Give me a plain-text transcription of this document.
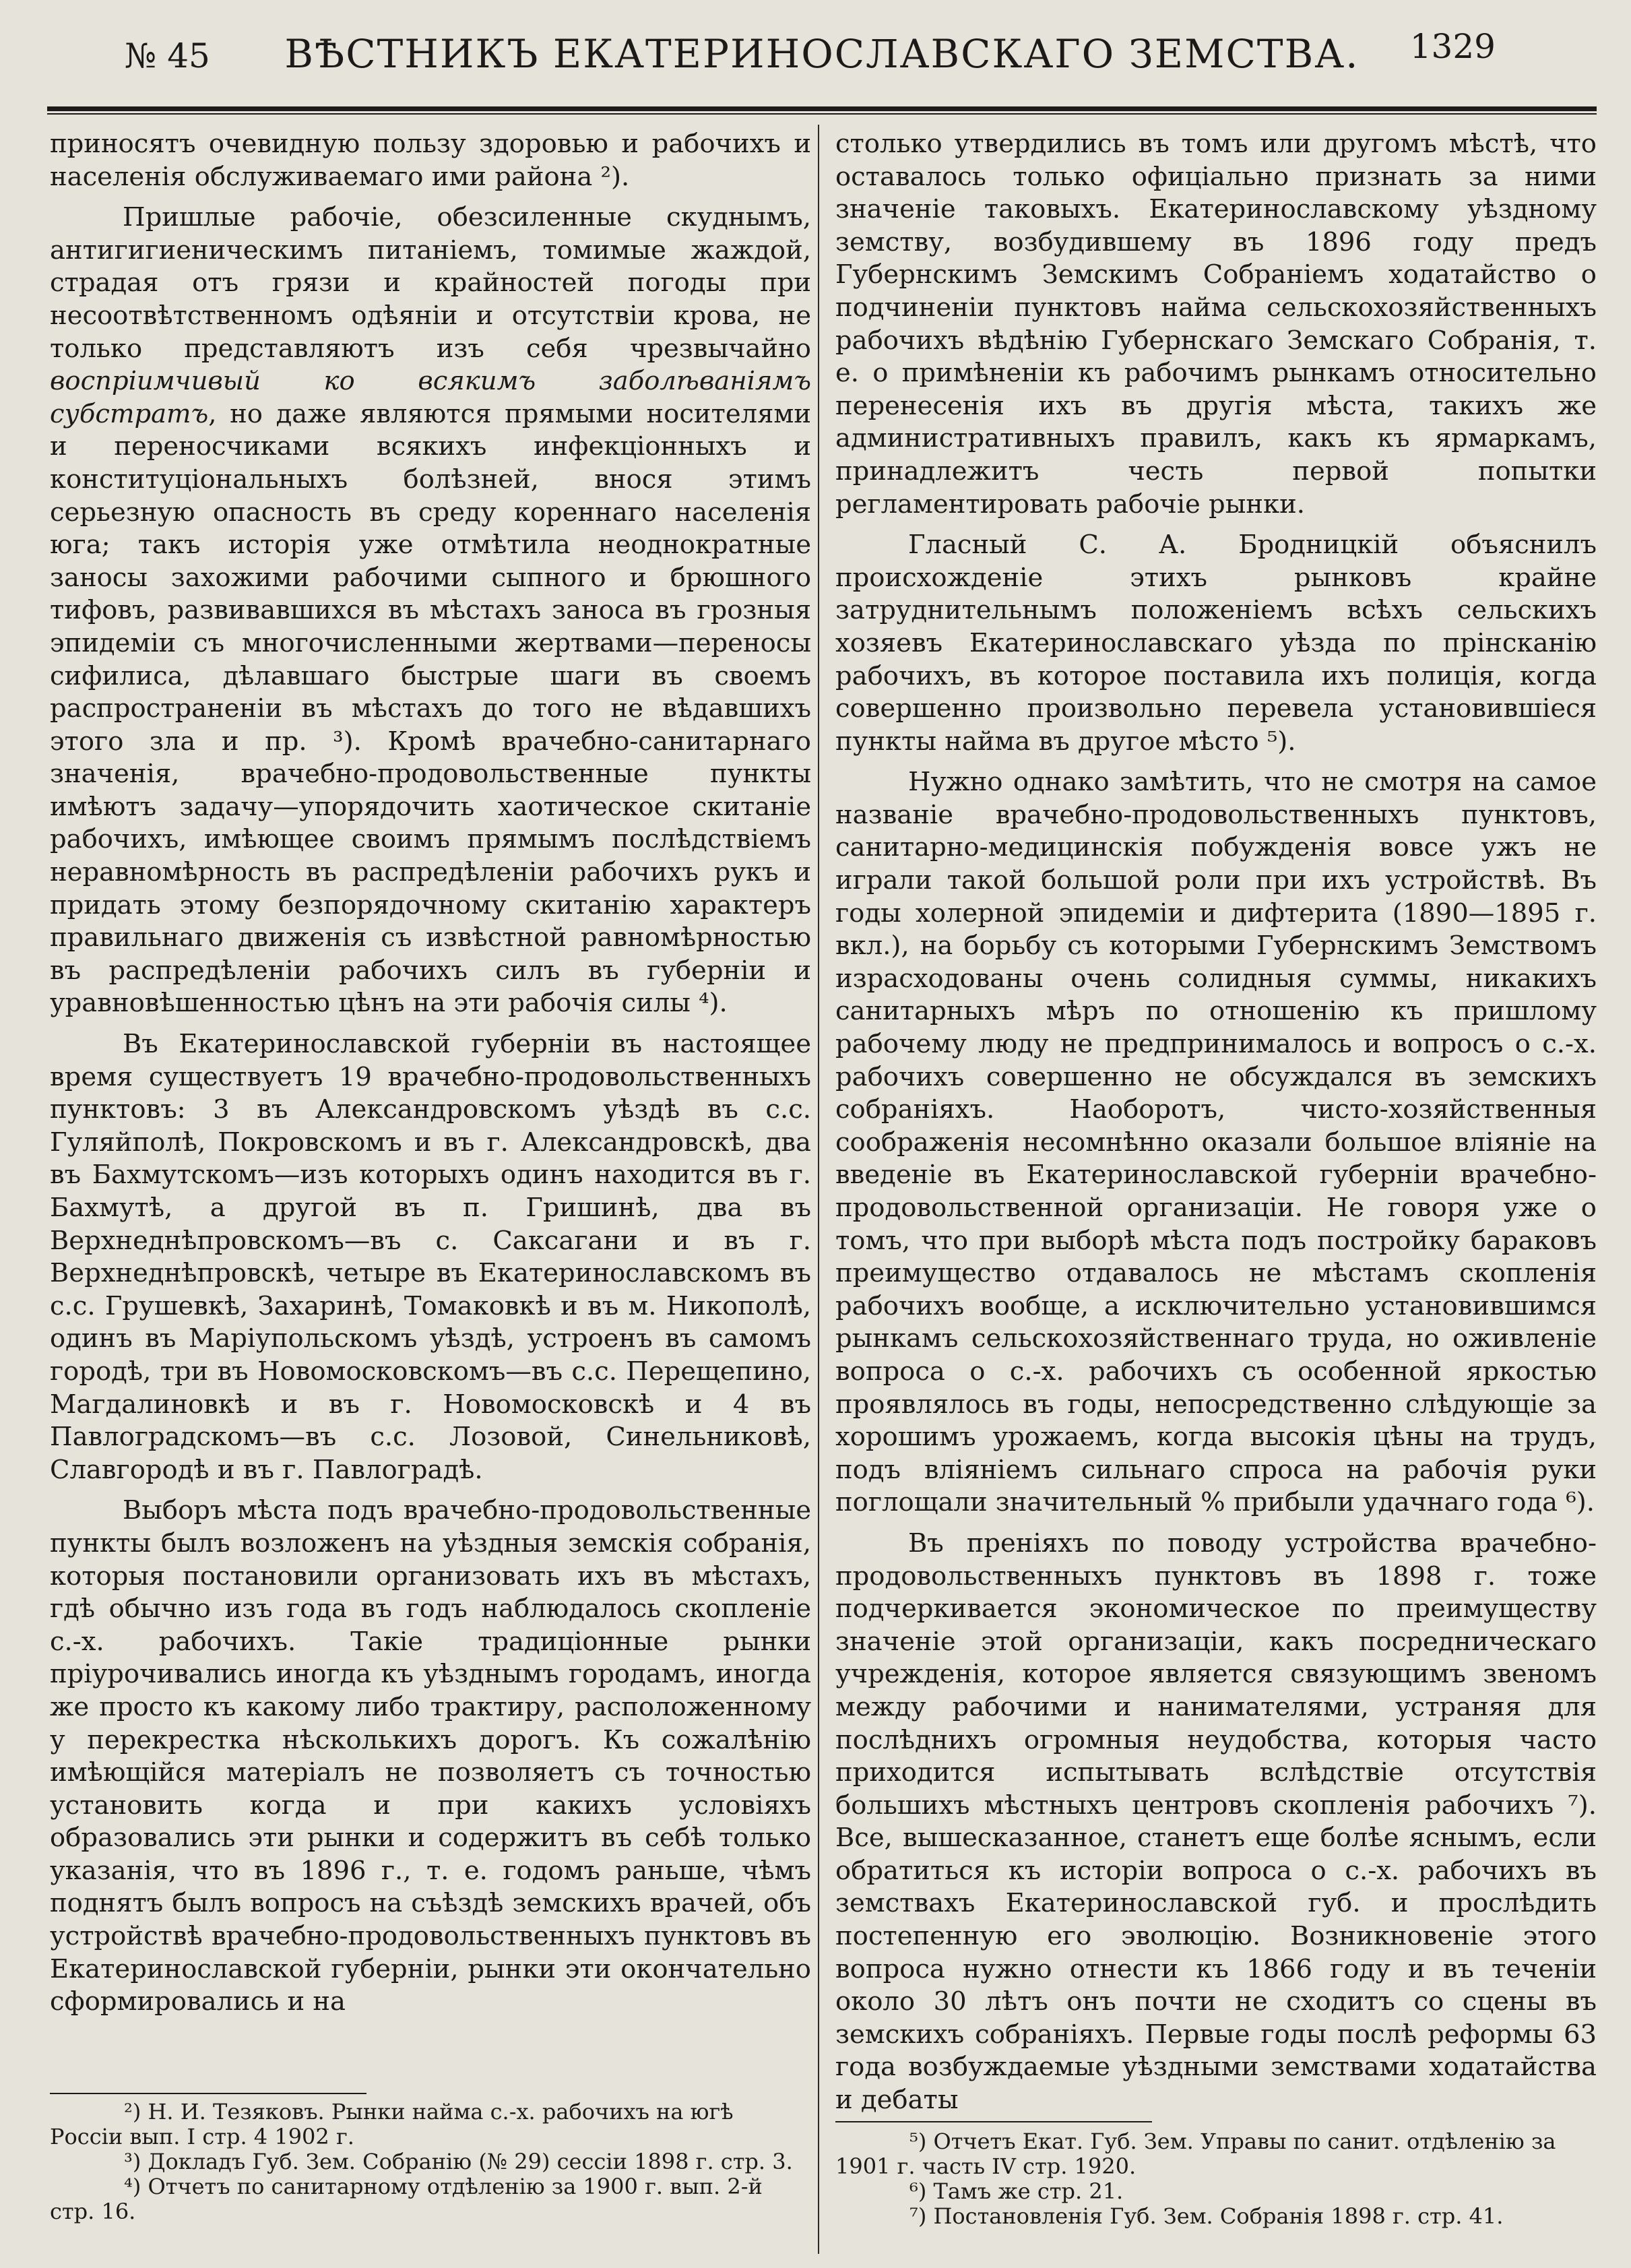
№ 45	ВѢСТНИКЪ ЕКАТЕРИНОСЛАВСКАГО ЗЕМСТВА.	1329

приносятъ очевидную пользу здоровью и рабочихъ и населенія обслуживаемаго ими района ²).

Пришлые рабочіе, обезсиленные скуднымъ, антигигиеническимъ питаніемъ, томимые жаждой, страдая отъ грязи и крайностей погоды при несоотвѣтственномъ одѣяніи и отсутствіи крова, не только представляютъ изъ себя чрезвычайно воспріимчивый ко всякимъ заболѣваніямъ субстратъ, но даже являются прямыми носителями и переносчиками всякихъ инфекціонныхъ и конституціональныхъ болѣзней, внося этимъ серьезную опасность въ среду кореннаго населенія юга; такъ исторія уже отмѣтила неоднократные заносы захожими рабочими сыпного и брюшного тифовъ, развивавшихся въ мѣстахъ заноса въ грозныя эпидеміи съ многочисленными жертвами—переносы сифилиса, дѣлавшаго быстрые шаги въ своемъ распространеніи въ мѣстахъ до того не вѣдавшихъ этого зла и пр. ³). Кромѣ врачебно-санитарнаго значенія, врачебно-продовольственные пункты имѣютъ задачу—упорядочить хаотическое скитаніе рабочихъ, имѣющее своимъ прямымъ послѣдствіемъ неравномѣрность въ распредѣленіи рабочихъ рукъ и придать этому безпорядочному скитанію характеръ правильнаго движенія съ извѣстной равномѣрностью въ распредѣленіи рабочихъ силъ въ губерніи и уравновѣшенностью цѣнъ на эти рабочія силы ⁴).

Въ Екатеринославской губерніи въ настоящее время существуетъ 19 врачебно-продовольственныхъ пунктовъ: 3 въ Александровскомъ уѣздѣ въ с.с. Гуляйполѣ, Покровскомъ и въ г. Александровскѣ, два въ Бахмутскомъ—изъ которыхъ одинъ находится въ г. Бахмутѣ, а другой въ п. Гришинѣ, два въ Верхнеднѣпровскомъ—въ с. Саксагани и въ г. Верхнеднѣпровскѣ, четыре въ Екатеринославскомъ въ с.с. Грушевкѣ, Захаринѣ, Томаковкѣ и въ м. Никополѣ, одинъ въ Маріупольскомъ уѣздѣ, устроенъ въ самомъ городѣ, три въ Новомосковскомъ—въ с.с. Перещепино, Магдалиновкѣ и въ г. Новомосковскѣ и 4 въ Павлоградскомъ—въ с.с. Лозовой, Синельниковѣ, Славгородѣ и въ г. Павлоградѣ.

Выборъ мѣста подъ врачебно-продовольственные пункты былъ возложенъ на уѣздныя земскія собранія, которыя постановили организовать ихъ въ мѣстахъ, гдѣ обычно изъ года въ годъ наблюдалось скопленіе с.-х. рабочихъ. Такіе традиціонные рынки пріурочивались иногда къ уѣзднымъ городамъ, иногда же просто къ какому либо трактиру, расположенному у перекрестка нѣсколькихъ дорогъ. Къ сожалѣнію имѣющійся матеріалъ не позволяетъ съ точностью установить когда и при какихъ условіяхъ образовались эти рынки и содержитъ въ себѣ только указанія, что въ 1896 г., т. е. годомъ раньше, чѣмъ поднятъ былъ вопросъ на съѣздѣ земскихъ врачей, объ устройствѣ врачебно-продовольственныхъ пунктовъ въ Екатеринославской губерніи, рынки эти окончательно сформировались и на

²) Н. И. Тезяковъ. Рынки найма с.-х. рабочихъ на югѣ Россіи вып. I стр. 4 1902 г.

³) Докладъ Губ. Зем. Собранію (№ 29) сессіи 1898 г. стр. 3.

⁴) Отчетъ по санитарному отдѣленію за 1900 г. вып. 2-й стр. 16.

столько утвердились въ томъ или другомъ мѣстѣ, что оставалось только офиціально признать за ними значеніе таковыхъ. Екатеринославскому уѣздному земству, возбудившему въ 1896 году предъ Губернскимъ Земскимъ Собраніемъ ходатайство о подчиненіи пунктовъ найма сельскохозяйственныхъ рабочихъ вѣдѣнію Губернскаго Земскаго Собранія, т. е. о примѣненіи къ рабочимъ рынкамъ относительно перенесенія ихъ въ другія мѣста, такихъ же административныхъ правилъ, какъ къ ярмаркамъ, принадлежитъ честь первой попытки регламентировать рабочіе рынки.

Гласный С. А. Бродницкій объяснилъ происхожденіе этихъ рынковъ крайне затруднительнымъ положеніемъ всѣхъ сельскихъ хозяевъ Екатеринославскаго уѣзда по прінсканію рабочихъ, въ которое поставила ихъ полиція, когда совершенно произвольно перевела установившіеся пункты найма въ другое мѣсто ⁵).

Нужно однако замѣтить, что не смотря на самое названіе врачебно-продовольственныхъ пунктовъ, санитарно-медицинскія побужденія вовсе ужъ не играли такой большой роли при ихъ устройствѣ. Въ годы холерной эпидеміи и дифтерита (1890—1895 г. вкл.), на борьбу съ которыми Губернскимъ Земствомъ израсходованы очень солидныя суммы, никакихъ санитарныхъ мѣръ по отношенію къ пришлому рабочему люду не предпринималось и вопросъ о с.-х. рабочихъ совершенно не обсуждался въ земскихъ собраніяхъ. Наоборотъ, чисто-хозяйственныя соображенія несомнѣнно оказали большое вліяніе на введеніе въ Екатеринославской губерніи врачебно-продовольственной организаціи. Не говоря уже о томъ, что при выборѣ мѣста подъ постройку бараковъ преимущество отдавалось не мѣстамъ скопленія рабочихъ вообще, а исключительно установившимся рынкамъ сельскохозяйственнаго труда, но оживленіе вопроса о с.-х. рабочихъ съ особенной яркостью проявлялось въ годы, непосредственно слѣдующіе за хорошимъ урожаемъ, когда высокія цѣны на трудъ, подъ вліяніемъ сильнаго спроса на рабочія руки поглощали значительный % прибыли удачнаго года ⁶).

Въ преніяхъ по поводу устройства врачебно-продовольственныхъ пунктовъ въ 1898 г. тоже подчеркивается экономическое по преимуществу значеніе этой организаціи, какъ посредническаго учрежденія, которое является связующимъ звеномъ между рабочими и нанимателями, устраняя для послѣднихъ огромныя неудобства, которыя часто приходится испытывать вслѣдствіе отсутствія большихъ мѣстныхъ центровъ скопленія рабочихъ ⁷). Все, вышесказанное, станетъ еще болѣе яснымъ, если обратиться къ исторіи вопроса о с.-х. рабочихъ въ земствахъ Екатеринославской губ. и прослѣдить постепенную его эволюцію. Возникновеніе этого вопроса нужно отнести къ 1866 году и въ теченіи около 30 лѣтъ онъ почти не сходитъ со сцены въ земскихъ собраніяхъ. Первые годы послѣ реформы 63 года возбуждаемые уѣздными земствами ходатайства и дебаты

⁵) Отчетъ Екат. Губ. Зем. Управы по санит. отдѣленію за 1901 г. часть IV стр. 1920.

⁶) Тамъ же стр. 21.

⁷) Постановленія Губ. Зем. Собранія 1898 г. стр. 41.
